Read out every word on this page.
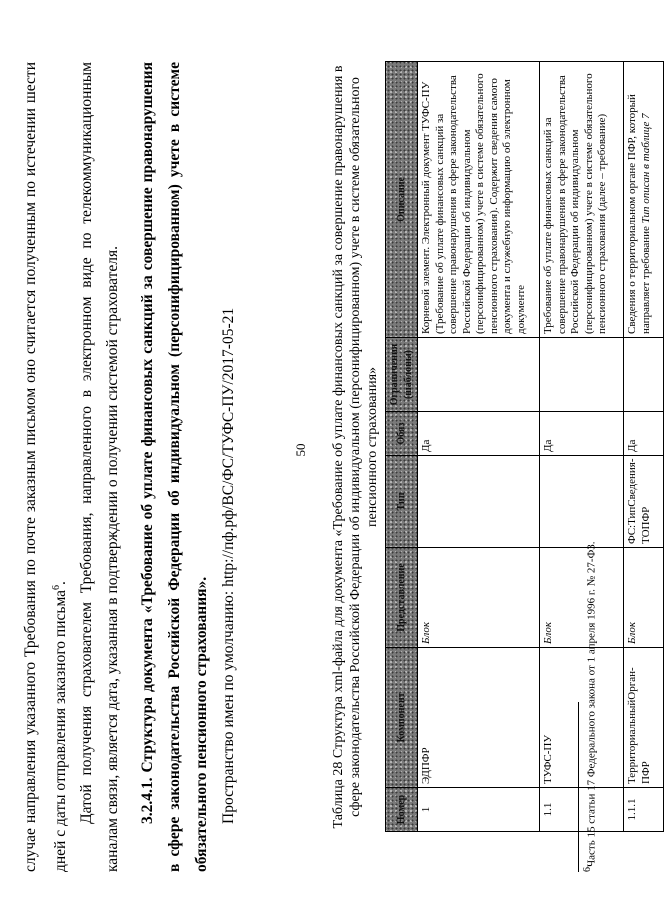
50

случае направления указанного Требования по почте заказным письмом оно считается полученным по истечении шести дней с даты отправления заказного письма$^6$. Датой получения страхователем Требования, направленного в электронном виде по телекоммуникационным каналам связи, является дата, указанная в подтверждении о получении системой страхователя.	3.2.4.1. Структура документа «Требование об уплате финансовых санкций за совершение правонарушения в сфере законодательства Российской Федерации об индивидуальном (персонифицированном) учете в системе обязательного пенсионного страхования». Пространство имен по умолчанию: http://пф.рф/ВС/ФС/ТУФС-ПУ/2017-05-21	Таблица 28 Структура xml-файла для документа «Требование об уплате финансовых санкций за совершение правонарушения в сфере законодательства Российской Федерации об индивидуальном (персонифицированном) учете в системе обязательного пенсионного страхования»

Номер	Компонент	Представление	Тип	Обяз	Ограничения (шаблоны)	Описание
1	ЭДПФР	Блок		Да		Корневой элемент. Электронный документ ТУФС-ПУ (Требование об уплате финансовых санкций за совершение правонарушения в сфере законодательства Российской Федерации об индивидуальном (персонифицированном) учете в системе обязательного пенсионного страхования). Содержит сведения самого документа и служебную информацию об электронном документе
1.1	ТУФС-ПУ	Блок		Да		Требование об уплате финансовых санкций за совершение правонарушения в сфере законодательства Российской Федерации об индивидуальном (персонифицированном) учете в системе обязательного пенсионного страхования (далее – требование)
1.1.1	ТерриториальныйОрган-ПФР	Блок	ФС:ТипСведения-ТОПФР	Да		Сведения о территориальном органе ПФР, который направляет требование Тип описан в таблице 7

$^6$Часть 15 статьи 17 Федерального закона от 1 апреля 1996 г. № 27-ФЗ.
